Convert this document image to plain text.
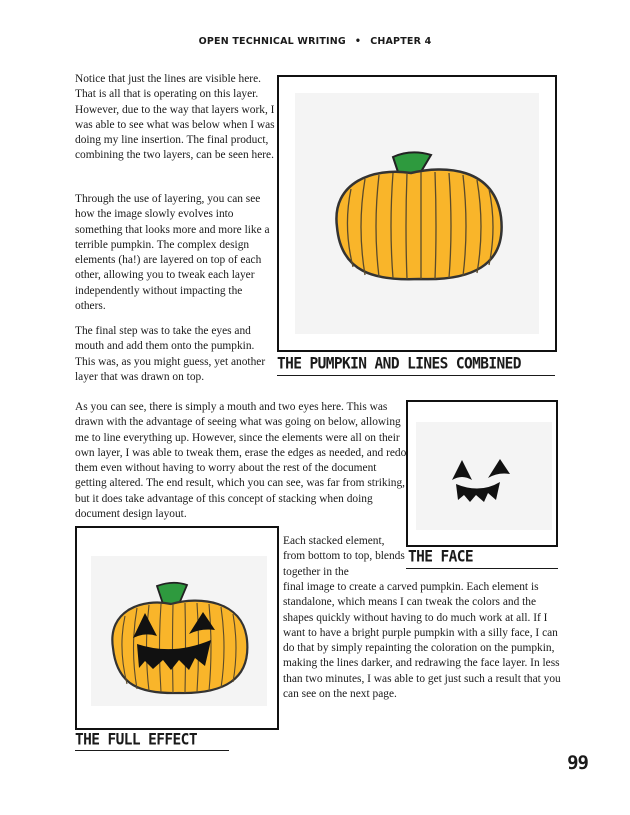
OPEN TECHNICAL WRITING • CHAPTER 4

Notice that just the lines are visible here. That is all that is operating on this layer. However, due to the way that layers work, I was able to see what was below when I was doing my line insertion. The final product, combining the two layers, can be seen here.

Through the use of layering, you can see how the image slowly evolves into something that looks more and more like a terrible pumpkin. The complex design elements (ha!) are layered on top of each other, allowing you to tweak each layer independently without impacting the others.

The final step was to take the eyes and mouth and add them onto the pumpkin. This was, as you might guess, yet another layer that was drawn on top.

As you can see, there is simply a mouth and two eyes here. This was drawn with the advantage of seeing what was going on below, allowing me to line everything up. However, since the elements were all on their own layer, I was able to tweak them, erase the edges as needed, and redo them even without having to worry about the rest of the document getting altered. The end result, which you can see, was far from striking, but it does take advantage of this concept of stacking when doing document design layout.

Each stacked element, from bottom to top, blends together in the

final image to create a carved pumpkin. Each element is standalone, which means I can tweak the colors and the shapes quickly without having to do much work at all. If I want to have a bright purple pumpkin with a silly face, I can do that by simply repainting the coloration on the pumpkin, making the lines darker, and redrawing the face layer. In less than two minutes, I was able to get just such a result that you can see on the next page.

THE PUMPKIN AND LINES COMBINED
THE FACE
THE FULL EFFECT
99
